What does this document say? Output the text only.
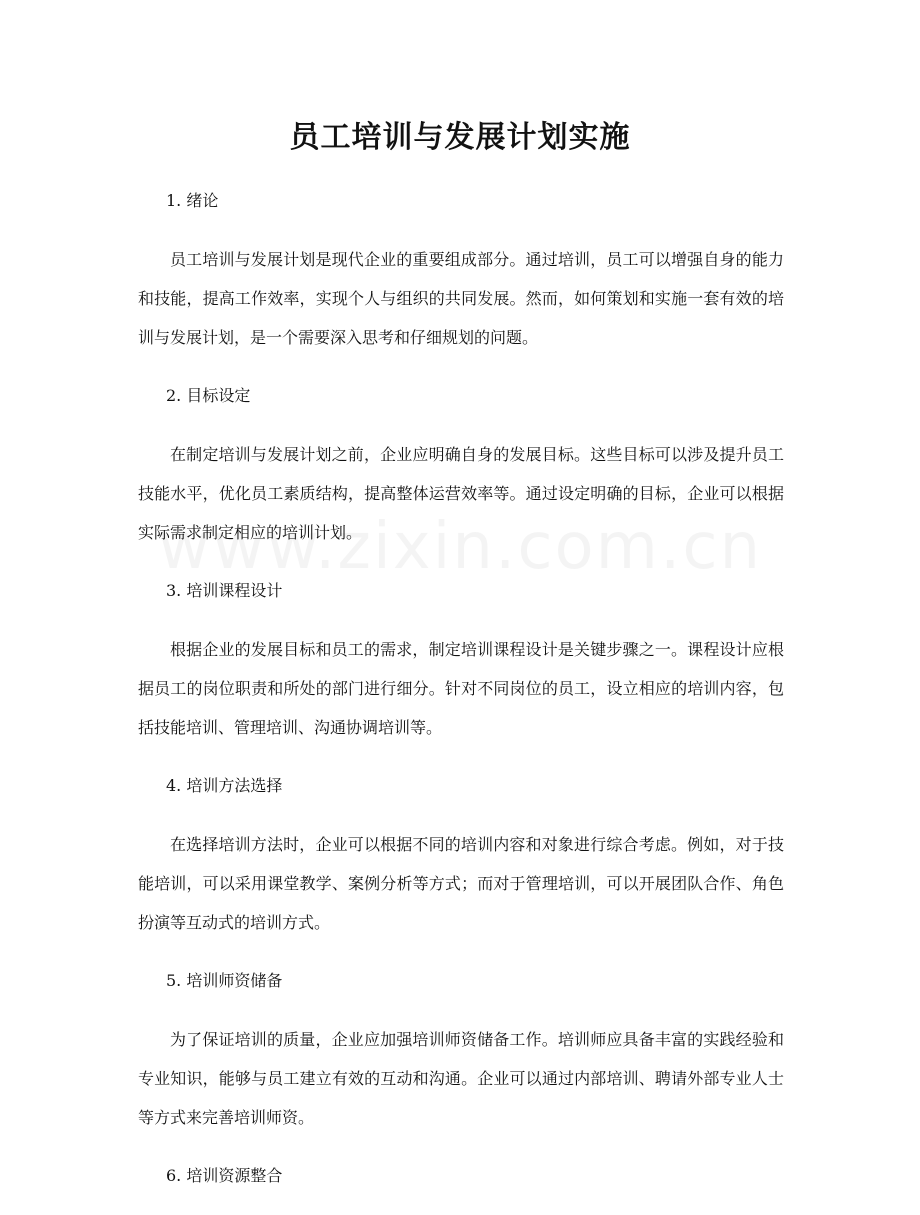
员工培训与发展计划实施

1. 绪论

员工培训与发展计划是现代企业的重要组成部分。通过培训，员工可以增强自身的能力和技能，提高工作效率，实现个人与组织的共同发展。然而，如何策划和实施一套有效的培训与发展计划，是一个需要深入思考和仔细规划的问题。

2. 目标设定

在制定培训与发展计划之前，企业应明确自身的发展目标。这些目标可以涉及提升员工技能水平，优化员工素质结构，提高整体运营效率等。通过设定明确的目标，企业可以根据实际需求制定相应的培训计划。

3. 培训课程设计

根据企业的发展目标和员工的需求，制定培训课程设计是关键步骤之一。课程设计应根据员工的岗位职责和所处的部门进行细分。针对不同岗位的员工，设立相应的培训内容，包括技能培训、管理培训、沟通协调培训等。

4. 培训方法选择

在选择培训方法时，企业可以根据不同的培训内容和对象进行综合考虑。例如，对于技能培训，可以采用课堂教学、案例分析等方式；而对于管理培训，可以开展团队合作、角色扮演等互动式的培训方式。

5. 培训师资储备

为了保证培训的质量，企业应加强培训师资储备工作。培训师应具备丰富的实践经验和专业知识，能够与员工建立有效的互动和沟通。企业可以通过内部培训、聘请外部专业人士等方式来完善培训师资。

6. 培训资源整合
